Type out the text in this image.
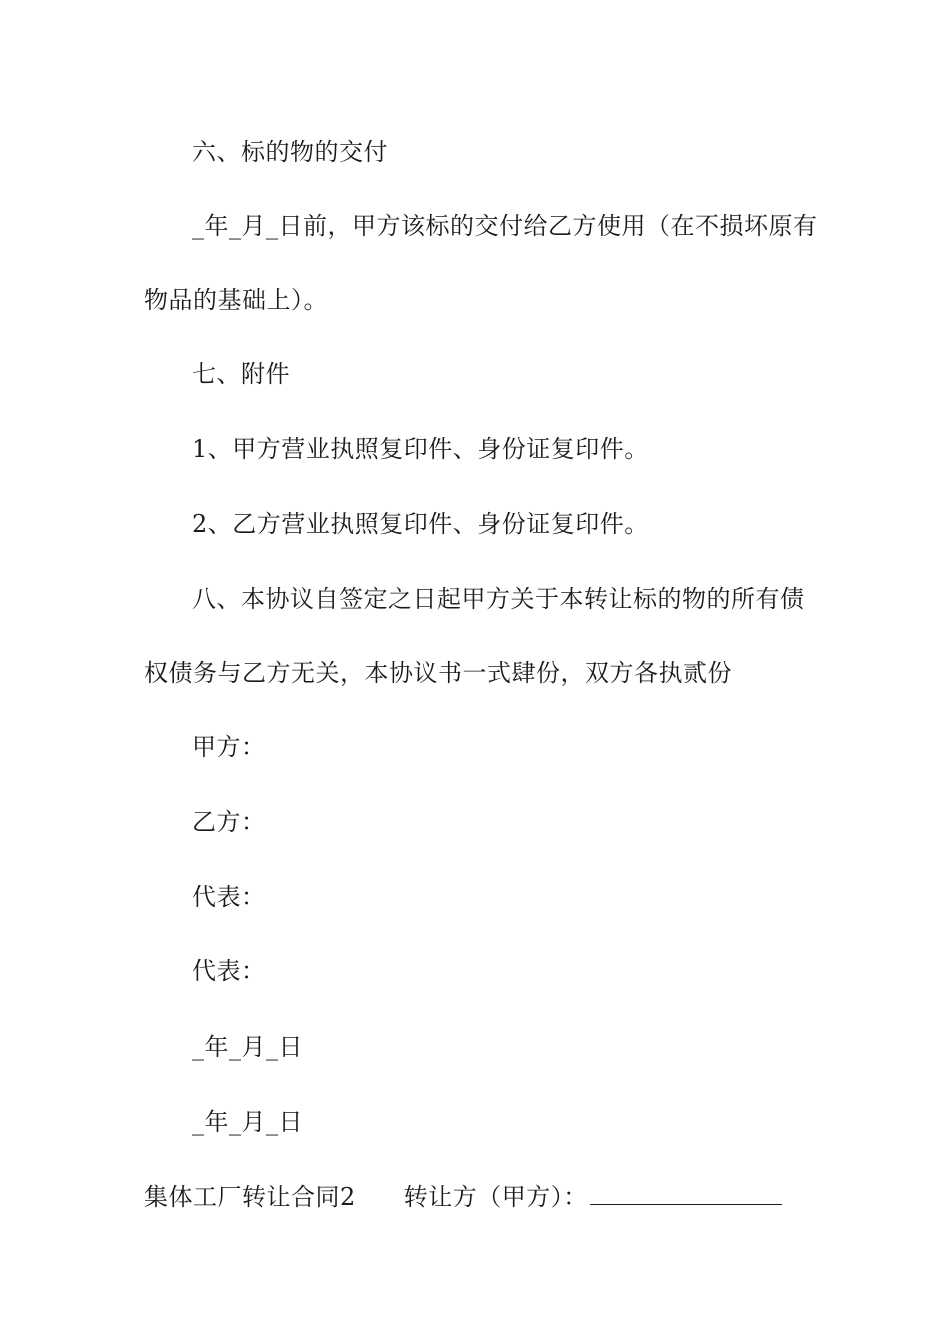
六、标的物的交付
_年_月_日前，甲方该标的交付给乙方使用（在不损坏原有
物品的基础上）。
七、附件
1、甲方营业执照复印件、身份证复印件。
2、乙方营业执照复印件、身份证复印件。
八、本协议自签定之日起甲方关于本转让标的物的所有债
权债务与乙方无关，本协议书一式肆份，双方各执贰份
甲方：
乙方：
代表：
代表：
_年_月_日
_年_月_日
集体工厂转让合同2 转让方（甲方）：
